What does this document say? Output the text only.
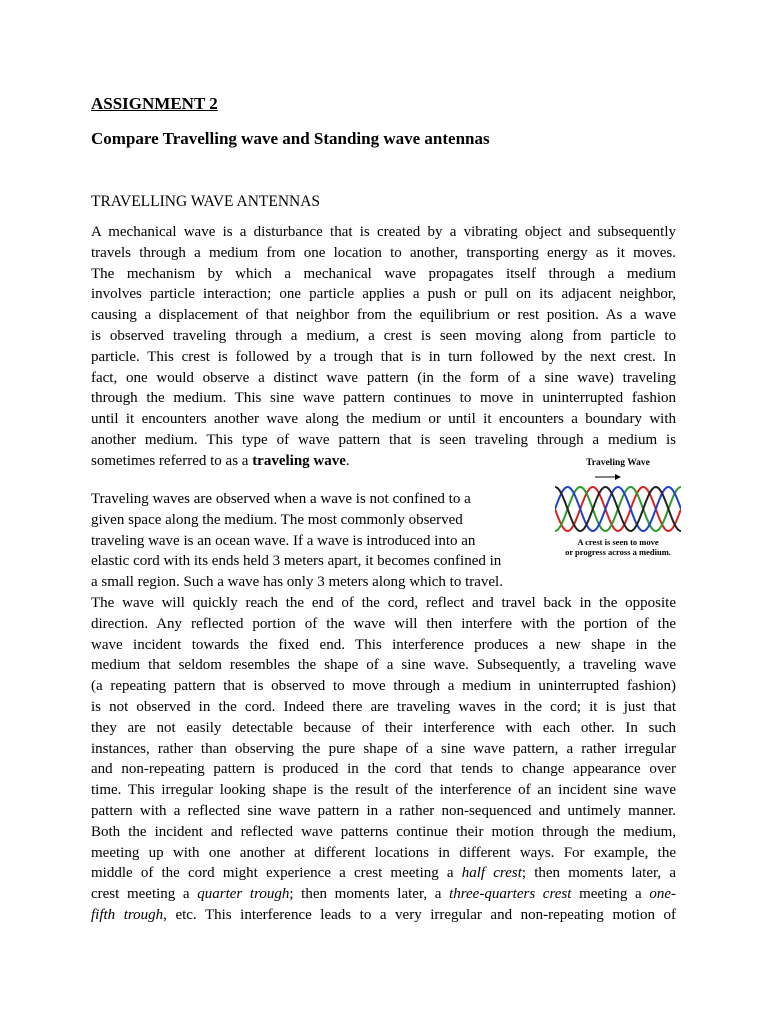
ASSIGNMENT 2
Compare Travelling wave and Standing wave antennas
TRAVELLING WAVE ANTENNAS
A mechanical wave is a disturbance that is created by a vibrating object and subsequently
travels through a medium from one location to another, transporting energy as it moves.
The mechanism by which a mechanical wave propagates itself through a medium
involves particle interaction; one particle applies a push or pull on its adjacent neighbor,
causing a displacement of that neighbor from the equilibrium or rest position. As a wave
is observed traveling through a medium, a crest is seen moving along from particle to
particle. This crest is followed by a trough that is in turn followed by the next crest. In
fact, one would observe a distinct wave pattern (in the form of a sine wave) traveling
through the medium. This sine wave pattern continues to move in uninterrupted fashion
until it encounters another wave along the medium or until it encounters a boundary with
another medium. This type of wave pattern that is seen traveling through a medium is
sometimes referred to as a traveling wave.
Traveling waves are observed when a wave is not confined to a
given space along the medium. The most commonly observed
traveling wave is an ocean wave. If a wave is introduced into an
elastic cord with its ends held 3 meters apart, it becomes confined in
a small region. Such a wave has only 3 meters along which to travel.
Traveling Wave
A crest is seen to move
or progress across a medium.
The wave will quickly reach the end of the cord, reflect and travel back in the opposite
direction. Any reflected portion of the wave will then interfere with the portion of the
wave incident towards the fixed end. This interference produces a new shape in the
medium that seldom resembles the shape of a sine wave. Subsequently, a traveling wave
(a repeating pattern that is observed to move through a medium in uninterrupted fashion)
is not observed in the cord. Indeed there are traveling waves in the cord; it is just that
they are not easily detectable because of their interference with each other. In such
instances, rather than observing the pure shape of a sine wave pattern, a rather irregular
and non-repeating pattern is produced in the cord that tends to change appearance over
time. This irregular looking shape is the result of the interference of an incident sine wave
pattern with a reflected sine wave pattern in a rather non-sequenced and untimely manner.
Both the incident and reflected wave patterns continue their motion through the medium,
meeting up with one another at different locations in different ways. For example, the
middle of the cord might experience a crest meeting a half crest; then moments later, a
crest meeting a quarter trough; then moments later, a three-quarters crest meeting a one-
fifth trough, etc. This interference leads to a very irregular and non-repeating motion of
